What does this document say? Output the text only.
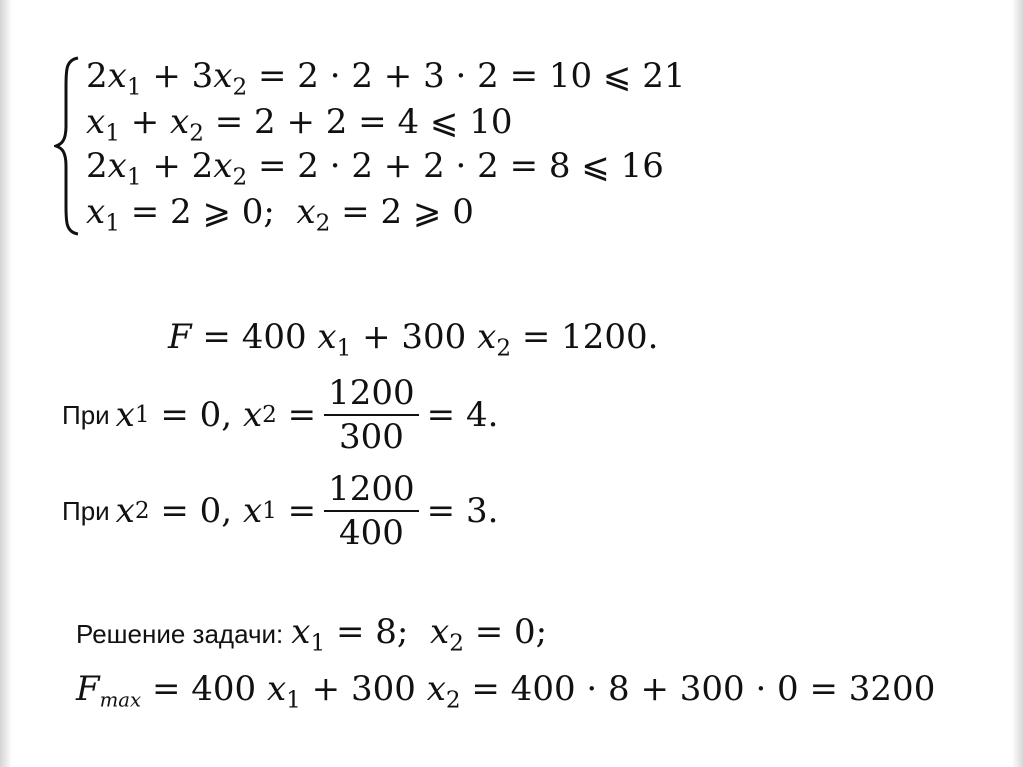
$2x_1 + 3x_2 = 2 \cdot 2 + 3 \cdot 2 = 10$ ⩽ 21
$x_1 + x_2 = 2 + 2 = 4$ ⩽ 10
$2x_1 + 2x_2 = 2 \cdot 2 + 2 \cdot 2 = 8$ ⩽ 16
$x_1 = 2$ ⩾ 0; $x_2 = 2$ ⩾ 0
F = 400 $x_1 + 300$ $x_2 = 1200$.
При x 1
= 0,
x $2 = \frac{1200}{300} = 4$.
При x 2
= 0,
x $1 = \frac{1200}{400} = 3$.
Решение задачи: $x_1 = 8$; $x_2 = 0$;
Fmax = 400 $x_1 + 300$ $x_2 = 400 \cdot 8 + 300 \cdot 0 = 3200$
